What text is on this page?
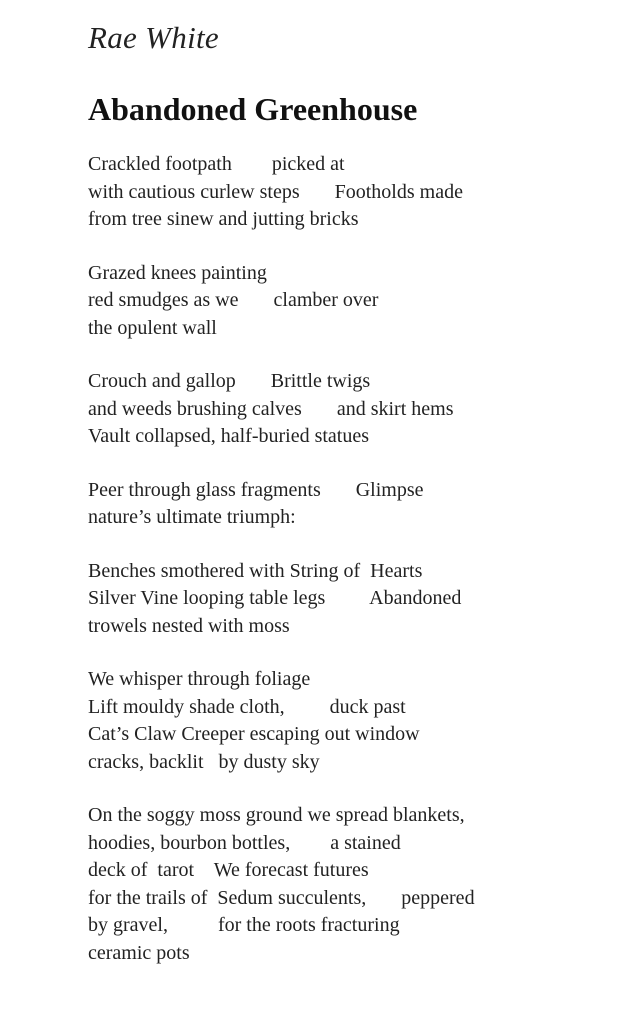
Rae White
Abandoned Greenhouse
Crackled footpath        picked at
with cautious curlew steps       Footholds made
from tree sinew and jutting bricks
Grazed knees painting
red smudges as we       clamber over
the opulent wall
Crouch and gallop       Brittle twigs
and weeds brushing calves       and skirt hems
Vault collapsed, half-buried statues
Peer through glass fragments       Glimpse
nature’s ultimate triumph:
Benches smothered with String of  Hearts
Silver Vine looping table legs         Abandoned
trowels nested with moss
We whisper through foliage
Lift mouldy shade cloth,         duck past
Cat’s Claw Creeper escaping out window
cracks, backlit   by dusty sky
On the soggy moss ground we spread blankets,
hoodies, bourbon bottles,        a stained
deck of  tarot    We forecast futures
for the trails of  Sedum succulents,       peppered
by gravel,          for the roots fracturing
ceramic pots
